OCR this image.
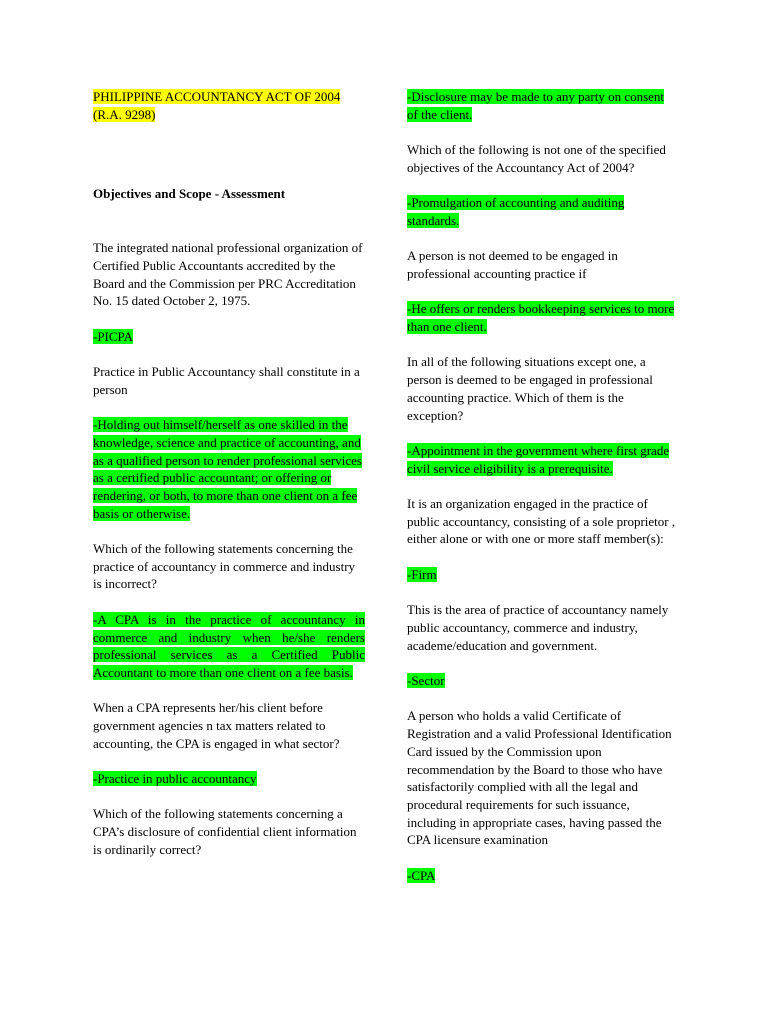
PHILIPPINE ACCOUNTANCY ACT OF 2004 (R.A. 9298)

Objectives and Scope - Assessment

The integrated national professional organization of Certified Public Accountants accredited by the Board and the Commission per PRC Accreditation No. 15 dated October 2, 1975.

-PICPA

Practice in Public Accountancy shall constitute in a person

-Holding out himself/herself as one skilled in the knowledge, science and practice of accounting, and as a qualified person to render professional services as a certified public accountant; or offering or rendering, or both, to more than one client on a fee basis or otherwise.

Which of the following statements concerning the practice of accountancy in commerce and industry is incorrect?

-A CPA is in the practice of accountancy in commerce and industry when he/she renders professional services as a Certified Public Accountant to more than one client on a fee basis.

When a CPA represents her/his client before government agencies n tax matters related to accounting, the CPA is engaged in what sector?

-Practice in public accountancy

Which of the following statements concerning a CPA’s disclosure of confidential client information is ordinarily correct?

-Disclosure may be made to any party on consent of the client.

Which of the following is not one of the specified objectives of the Accountancy Act of 2004?

-Promulgation of accounting and auditing standards.

A person is not deemed to be engaged in professional accounting practice if

-He offers or renders bookkeeping services to more than one client.

In all of the following situations except one, a person is deemed to be engaged in professional accounting practice. Which of them is the exception?

-Appointment in the government where first grade civil service eligibility is a prerequisite.

It is an organization engaged in the practice of public accountancy, consisting of a sole proprietor , either alone or with one or more staff member(s):

-Firm

This is the area of practice of accountancy namely public accountancy, commerce and industry, academe/education and government.

-Sector

A person who holds a valid Certificate of Registration and a valid Professional Identification Card issued by the Commission upon recommendation by the Board to those who have satisfactorily complied with all the legal and procedural requirements for such issuance, including in appropriate cases, having passed the CPA licensure examination

-CPA
